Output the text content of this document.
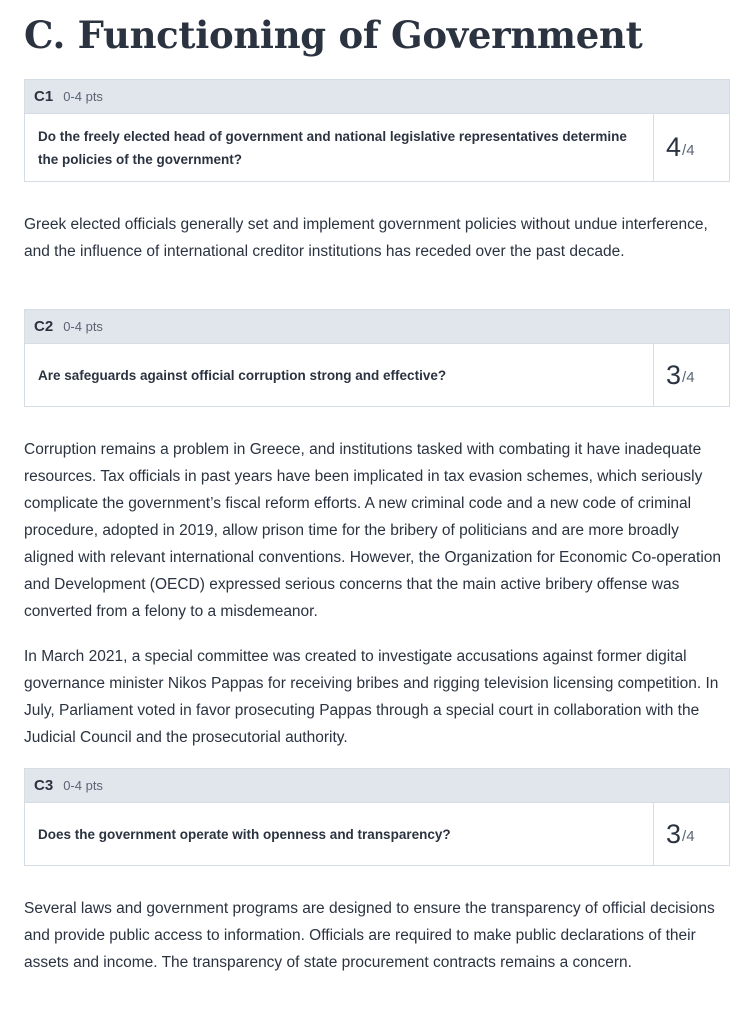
C. Functioning of Government
C1 0-4 pts
Do the freely elected head of government and national legislative representatives determine the policies of the government?	4 /4

Greek elected officials generally set and implement government policies without undue interference, and the influence of international creditor institutions has receded over the past decade.

C2 0-4 pts
Are safeguards against official corruption strong and effective?	3 /4

Corruption remains a problem in Greece, and institutions tasked with combating it have inadequate resources. Tax officials in past years have been implicated in tax evasion schemes, which seriously complicate the government’s fiscal reform efforts. A new criminal code and a new code of criminal procedure, adopted in 2019, allow prison time for the bribery of politicians and are more broadly aligned with relevant international conventions. However, the Organization for Economic Co-operation and Development (OECD) expressed serious concerns that the main active bribery offense was converted from a felony to a misdemeanor.

In March 2021, a special committee was created to investigate accusations against former digital governance minister Nikos Pappas for receiving bribes and rigging television licensing competition. In July, Parliament voted in favor prosecuting Pappas through a special court in collaboration with the Judicial Council and the prosecutorial authority.

C3 0-4 pts
Does the government operate with openness and transparency?	3 /4

Several laws and government programs are designed to ensure the transparency of official decisions and provide public access to information. Officials are required to make public declarations of their assets and income. The transparency of state procurement contracts remains a concern.
